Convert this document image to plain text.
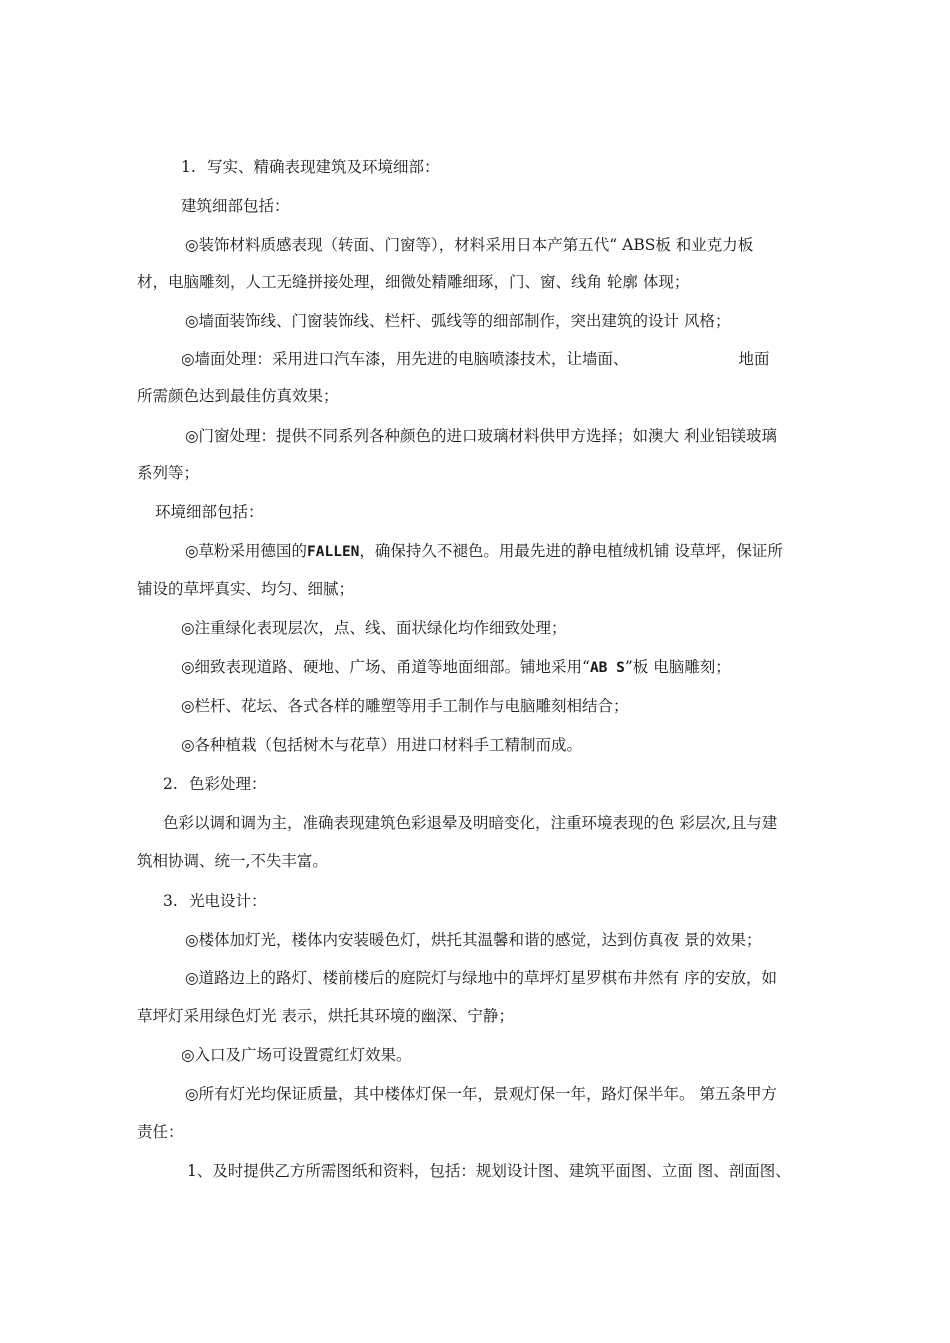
1. 写实、精确表现建筑及环境细部：

建筑细部包括：

◎装饰材料质感表现（转面、门窗等），材料采用日本产第五代“ ABS板 和业克力板

材，电脑雕刻，人工无缝拼接处理，细微处精雕细琢，门、窗、线角 轮廓 体现；

◎墙面装饰线、门窗装饰线、栏杆、弧线等的细部制作，突出建筑的设计 风格；

◎墙面处理：采用进口汽车漆，用先进的电脑喷漆技术，让墙面、	地面

所需颜色达到最佳仿真效果；

◎门窗处理：提供不同系列各种颜色的进口玻璃材料供甲方选择；如澳大 利业铝镁玻璃

系列等；

环境细部包括：

◎草粉采用德国的FALLEN，确保持久不褪色。用最先进的静电植绒机铺 设草坪，保证所

铺设的草坪真实、均匀、细腻；

◎注重绿化表现层次，点、线、面状绿化均作细致处理；

◎细致表现道路、硬地、广场、甬道等地面细部。铺地采用“AB S”板 电脑雕刻；

◎栏杆、花坛、各式各样的雕塑等用手工制作与电脑雕刻相结合；

◎各种植栽（包括树木与花草）用进口材料手工精制而成。

2. 色彩处理：

色彩以调和调为主，准确表现建筑色彩退晕及明暗变化，注重环境表现的色 彩层次,且与建

筑相协调、统一,不失丰富。

3. 光电设计：

◎楼体加灯光，楼体内安装暖色灯，烘托其温馨和谐的感觉，达到仿真夜 景的效果；

◎道路边上的路灯、楼前楼后的庭院灯与绿地中的草坪灯星罗棋布井然有 序的安放，如

草坪灯采用绿色灯光 表示，烘托其环境的幽深、宁静；

◎入口及广场可设置霓红灯效果。

◎所有灯光均保证质量，其中楼体灯保一年，景观灯保一年，路灯保半年。 第五条甲方

责任：

1、及时提供乙方所需图纸和资料，包括：规划设计图、建筑平面图、立面 图、剖面图、
